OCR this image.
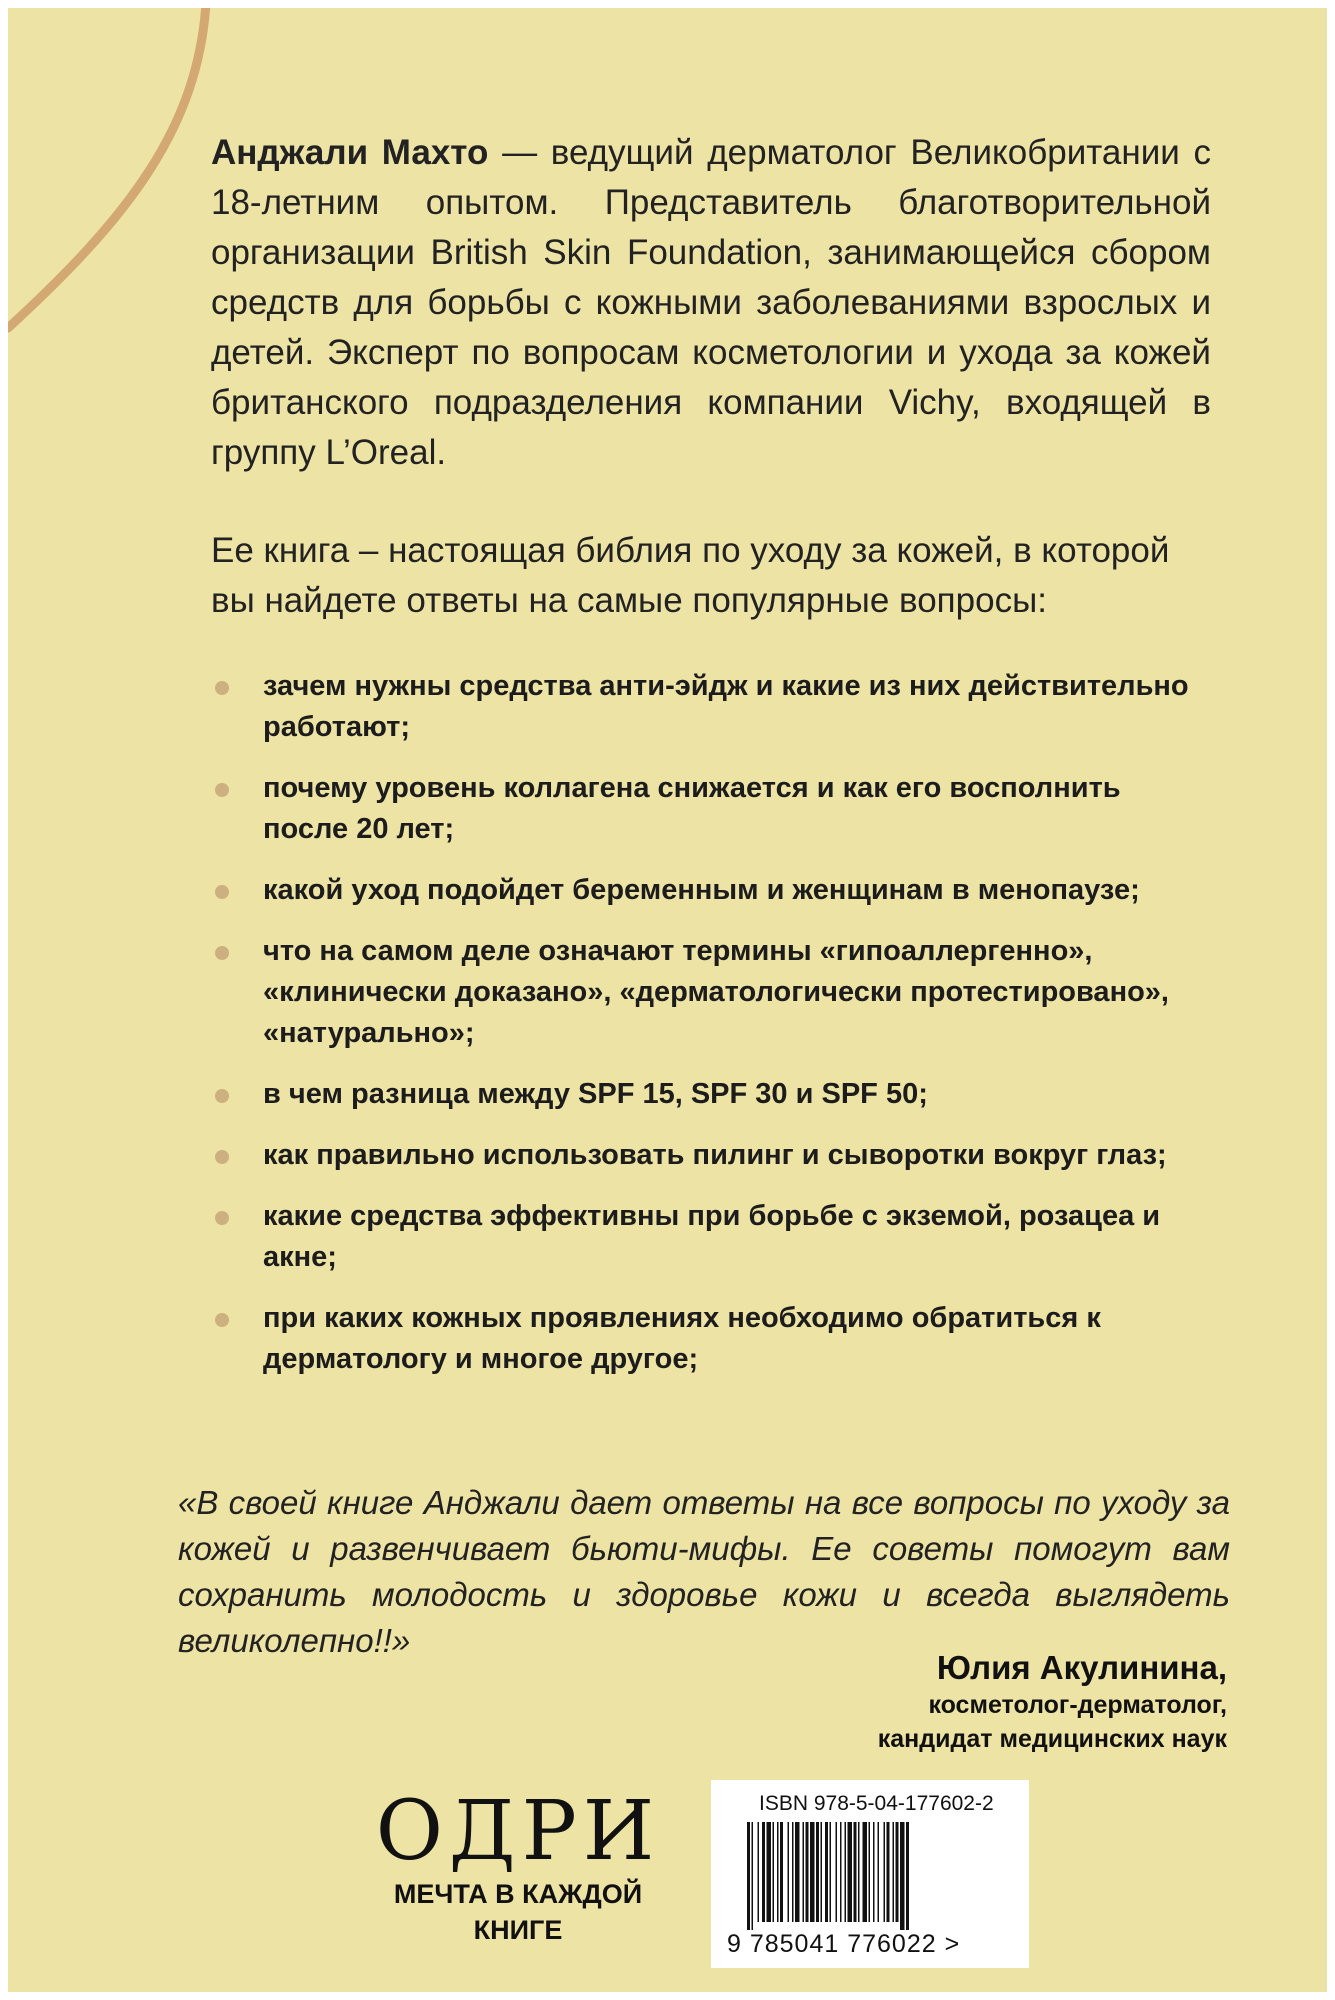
Анджали Махто — ведущий дерматолог Великобритании с 18-летним опытом. Представитель благотворительной организации British Skin Foundation, занимающейся сбором средств для борьбы с кожными заболеваниями взрослых и детей. Эксперт по вопросам косметологии и ухода за кожей британского подразделения компании Vichy, входящей в группу L’Oreal.
Ее книга – настоящая библия по уходу за кожей, в которой вы найдете ответы на самые популярные вопросы:
зачем нужны средства анти-эйдж и какие из них действительно работают;
почему уровень коллагена снижается и как его восполнить после 20 лет;
какой уход подойдет беременным и женщинам в менопаузе;
что на самом деле означают термины «гипоаллергенно», «клинически доказано», «дерматологически протестировано», «натурально»;
в чем разница между SPF 15, SPF 30 и SPF 50;
как правильно использовать пилинг и сыворотки вокруг глаз;
какие средства эффективны при борьбе с экземой, розацеа и акне;
при каких кожных проявлениях необходимо обратиться к дерматологу и многое другое;
«В своей книге Анджали дает ответы на все вопросы по уходу за кожей и развенчивает бьюти-мифы. Ее советы помогут вам сохранить молодость и здоровье кожи и всегда выглядеть великолепно!!»
Юлия Акулинина,
косметолог-дерматолог,
кандидат медицинских наук
ОДРИ
МЕЧТА В КАЖДОЙ
КНИГЕ
ISBN 978-5-04-177602-2
9 785041 776022 >
